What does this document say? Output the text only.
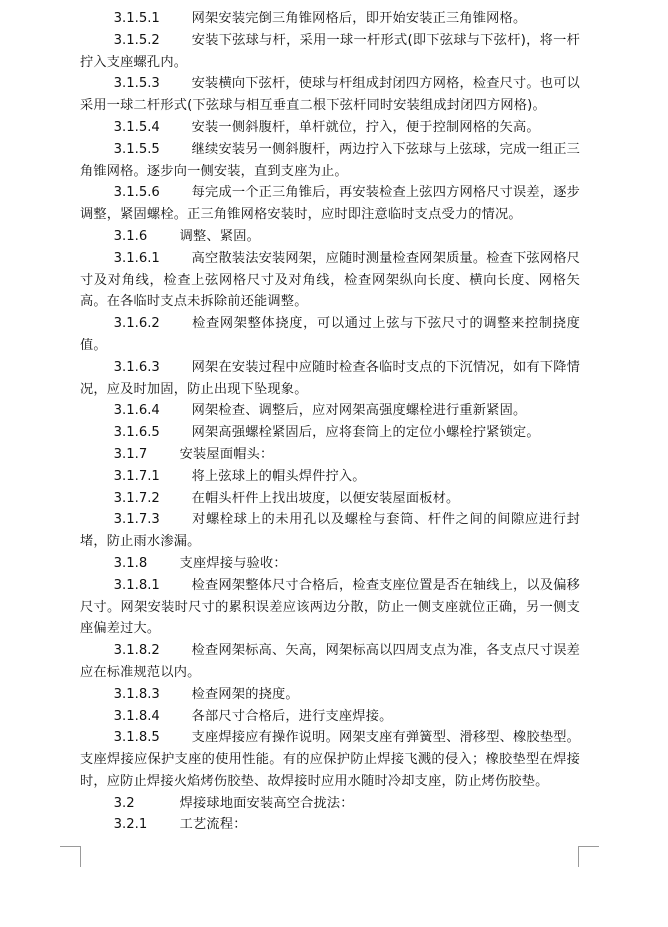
3.1.5.1 网架安装完倒三角锥网格后，即开始安装正三角锥网格。

3.1.5.2 安装下弦球与杆，采用一球一杆形式(即下弦球与下弦杆)，将一杆拧入支座螺孔内。

3.1.5.3 安装横向下弦杆，使球与杆组成封闭四方网格，检查尺寸。也可以采用一球二杆形式(下弦球与相互垂直二根下弦杆同时安装组成封闭四方网格)。

3.1.5.4 安装一侧斜腹杆，单杆就位，拧入，便于控制网格的矢高。

3.1.5.5 继续安装另一侧斜腹杆，两边拧入下弦球与上弦球，完成一组正三角锥网格。逐步向一侧安装，直到支座为止。

3.1.5.6 每完成一个正三角锥后，再安装检查上弦四方网格尺寸误差，逐步调整，紧固螺栓。正三角锥网格安装时，应时即注意临时支点受力的情况。

3.1.6 调整、紧固。

3.1.6.1 高空散装法安装网架，应随时测量检查网架质量。检查下弦网格尺寸及对角线，检查上弦网格尺寸及对角线，检查网架纵向长度、横向长度、网格矢高。在各临时支点未拆除前还能调整。

3.1.6.2 检查网架整体挠度，可以通过上弦与下弦尺寸的调整来控制挠度值。

3.1.6.3 网架在安装过程中应随时检查各临时支点的下沉情况，如有下降情况，应及时加固，防止出现下坠现象。

3.1.6.4 网架检查、调整后，应对网架高强度螺栓进行重新紧固。

3.1.6.5 网架高强螺栓紧固后，应将套筒上的定位小螺栓拧紧锁定。

3.1.7 安装屋面帽头：

3.1.7.1 将上弦球上的帽头焊件拧入。

3.1.7.2 在帽头杆件上找出坡度，以便安装屋面板材。

3.1.7.3 对螺栓球上的未用孔以及螺栓与套筒、杆件之间的间隙应进行封堵，防止雨水渗漏。

3.1.8 支座焊接与验收：

3.1.8.1 检查网架整体尺寸合格后，检查支座位置是否在轴线上，以及偏移尺寸。网架安装时尺寸的累积误差应该两边分散，防止一侧支座就位正确，另一侧支座偏差过大。

3.1.8.2 检查网架标高、矢高，网架标高以四周支点为准，各支点尺寸误差应在标准规范以内。

3.1.8.3 检查网架的挠度。

3.1.8.4 各部尺寸合格后，进行支座焊接。

3.1.8.5 支座焊接应有操作说明。网架支座有弹簧型、滑移型、橡胶垫型。支座焊接应保护支座的使用性能。有的应保护防止焊接飞溅的侵入；橡胶垫型在焊接时，应防止焊接火焰烤伤胶垫、故焊接时应用水随时冷却支座，防止烤伤胶垫。

3.2	焊接球地面安装高空合拢法：

3.2.1 工艺流程：
